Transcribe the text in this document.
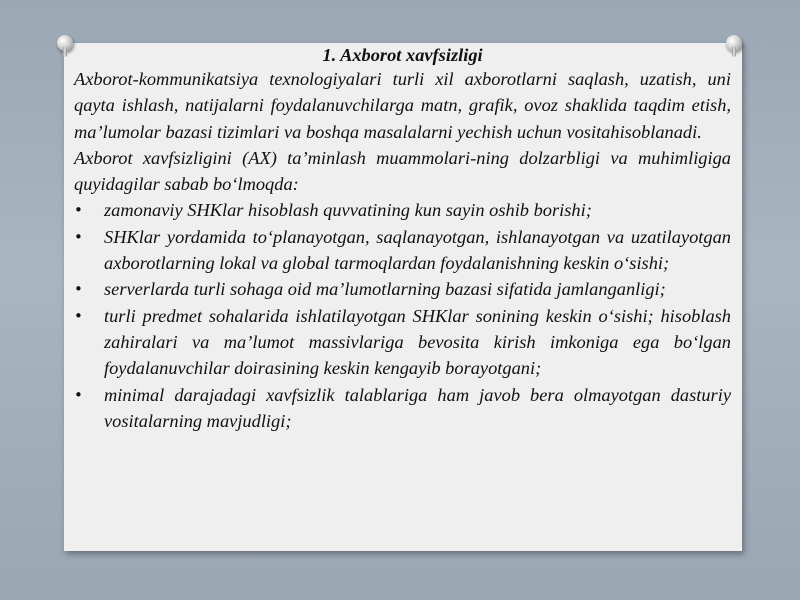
1. Axborot xavfsizligi

Axborot-kommunikatsiya texnologiyalari turli xil axborotlarni saqlash, uzatish, uni qayta ishlash, natijalarni foydalanuvchilarga matn, grafik, ovoz shaklida taqdim etish, ma’lumolar bazasi tizimlari va boshqa masalalarni yechish uchun vositahisoblanadi.

Axborot xavfsizligini (AX) ta’minlash muammolari-ning dolzarbligi va muhimligiga quyidagilar sabab bo‘lmoqda:

• zamonaviy SHKlar hisoblash quvvatining kun sayin oshib borishi;
• SHKlar yordamida to‘planayotgan, saqlanayotgan, ishlanayotgan va uzatilayotgan axborotlarning lokal va global tarmoqlardan foydalanishning keskin o‘sishi;
• serverlarda turli sohaga oid ma’lumotlarning bazasi sifatida jamlanganligi;
• turli predmet sohalarida ishlatilayotgan SHKlar sonining keskin o‘sishi; hisoblash zahiralari va ma’lumot massivlariga bevosita kirish imkoniga ega bo‘lgan foydalanuvchilar doirasining keskin kengayib borayotgani;
• minimal darajadagi xavfsizlik talablariga ham javob bera olmayotgan dasturiy vositalarning mavjudligi;
